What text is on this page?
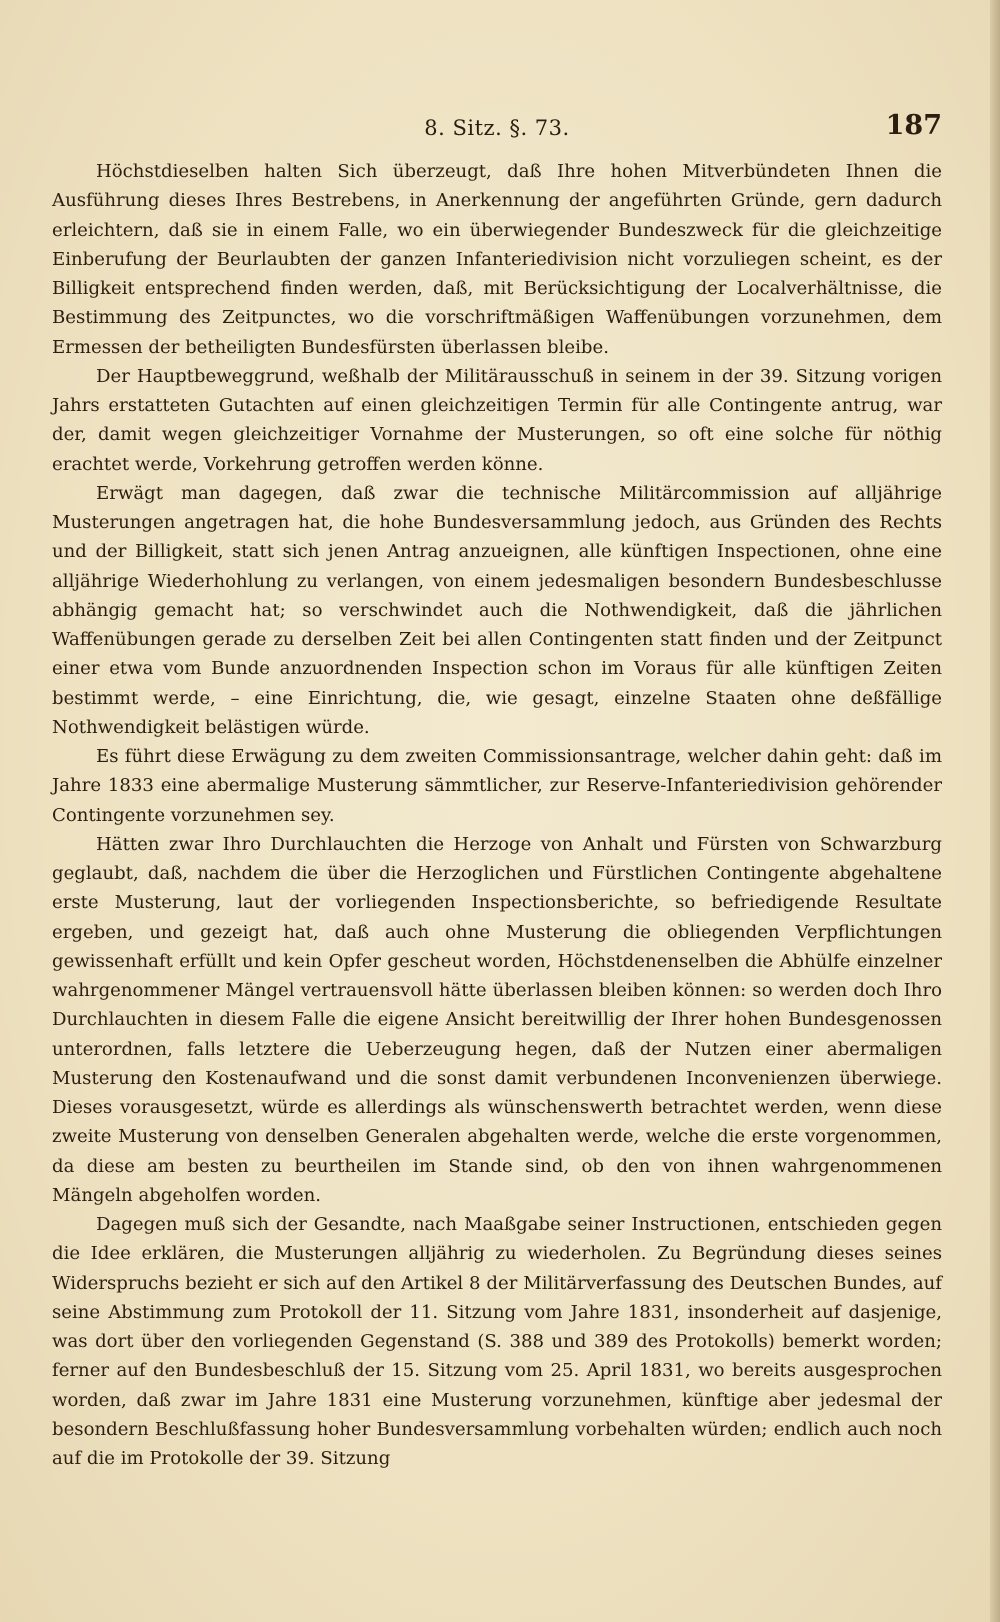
8. Sitz. §. 73.	187

Höchstdieselben halten Sich überzeugt, daß Ihre hohen Mitverbündeten Ihnen die Ausführung dieses Ihres Bestrebens, in Anerkennung der angeführten Gründe, gern dadurch erleichtern, daß sie in einem Falle, wo ein überwiegender Bundeszweck für die gleichzeitige Einberufung der Beurlaubten der ganzen Infanteriedivision nicht vorzuliegen scheint, es der Billigkeit entsprechend finden werden, daß, mit Berücksichtigung der Localverhältnisse, die Bestimmung des Zeitpunctes, wo die vorschriftmäßigen Waffenübungen vorzunehmen, dem Ermessen der betheiligten Bundesfürsten überlassen bleibe.

Der Hauptbeweggrund, weßhalb der Militärausschuß in seinem in der 39. Sitzung vorigen Jahrs erstatteten Gutachten auf einen gleichzeitigen Termin für alle Contingente antrug, war der, damit wegen gleichzeitiger Vornahme der Musterungen, so oft eine solche für nöthig erachtet werde, Vorkehrung getroffen werden könne.

Erwägt man dagegen, daß zwar die technische Militärcommission auf alljährige Musterungen angetragen hat, die hohe Bundesversammlung jedoch, aus Gründen des Rechts und der Billigkeit, statt sich jenen Antrag anzueignen, alle künftigen Inspectionen, ohne eine alljährige Wiederhohlung zu verlangen, von einem jedesmaligen besondern Bundesbeschlusse abhängig gemacht hat; so verschwindet auch die Nothwendigkeit, daß die jährlichen Waffenübungen gerade zu derselben Zeit bei allen Contingenten statt finden und der Zeitpunct einer etwa vom Bunde anzuordnenden Inspection schon im Voraus für alle künftigen Zeiten bestimmt werde, – eine Einrichtung, die, wie gesagt, einzelne Staaten ohne deßfällige Nothwendigkeit belästigen würde.

Es führt diese Erwägung zu dem zweiten Commissionsantrage, welcher dahin geht: daß im Jahre 1833 eine abermalige Musterung sämmtlicher, zur Reserve-Infanteriedivision gehörender Contingente vorzunehmen sey.

Hätten zwar Ihro Durchlauchten die Herzoge von Anhalt und Fürsten von Schwarzburg geglaubt, daß, nachdem die über die Herzoglichen und Fürstlichen Contingente abgehaltene erste Musterung, laut der vorliegenden Inspectionsberichte, so befriedigende Resultate ergeben, und gezeigt hat, daß auch ohne Musterung die obliegenden Verpflichtungen gewissenhaft erfüllt und kein Opfer gescheut worden, Höchstdenenselben die Abhülfe einzelner wahrgenommener Mängel vertrauensvoll hätte überlassen bleiben können: so werden doch Ihro Durchlauchten in diesem Falle die eigene Ansicht bereitwillig der Ihrer hohen Bundesgenossen unterordnen, falls letztere die Ueberzeugung hegen, daß der Nutzen einer abermaligen Musterung den Kostenaufwand und die sonst damit verbundenen Inconvenienzen überwiege. Dieses vorausgesetzt, würde es allerdings als wünschenswerth betrachtet werden, wenn diese zweite Musterung von denselben Generalen abgehalten werde, welche die erste vorgenommen, da diese am besten zu beurtheilen im Stande sind, ob den von ihnen wahrgenommenen Mängeln abgeholfen worden.

Dagegen muß sich der Gesandte, nach Maaßgabe seiner Instructionen, entschieden gegen die Idee erklären, die Musterungen alljährig zu wiederholen. Zu Begründung dieses seines Widerspruchs bezieht er sich auf den Artikel 8 der Militärverfassung des Deutschen Bundes, auf seine Abstimmung zum Protokoll der 11. Sitzung vom Jahre 1831, insonderheit auf dasjenige, was dort über den vorliegenden Gegenstand (S. 388 und 389 des Protokolls) bemerkt worden; ferner auf den Bundesbeschluß der 15. Sitzung vom 25. April 1831, wo bereits ausgesprochen worden, daß zwar im Jahre 1831 eine Musterung vorzunehmen, künftige aber jedesmal der besondern Beschlußfassung hoher Bundesversammlung vorbehalten würden; endlich auch noch auf die im Protokolle der 39. Sitzung
